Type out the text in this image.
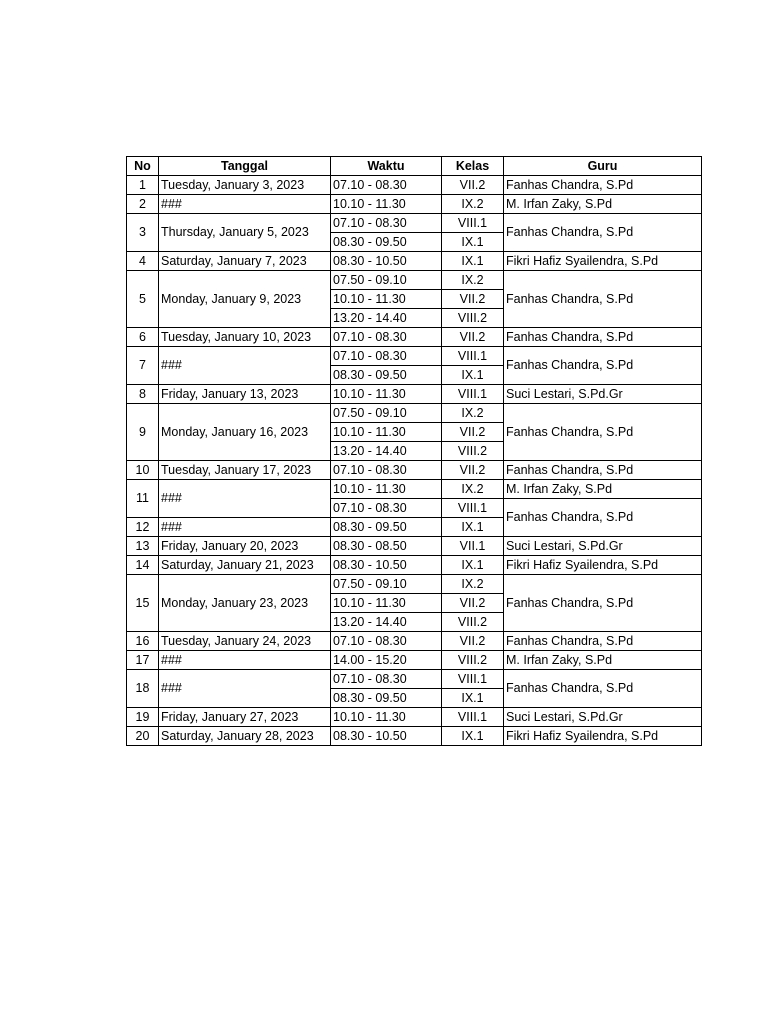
No	Tanggal	Waktu	Kelas	Guru
1	Tuesday, January 3, 2023	07.10 - 08.30	VII.2	Fanhas Chandra, S.Pd
2	###	10.10 - 11.30	IX.2	M. Irfan Zaky, S.Pd
3	Thursday, January 5, 2023	07.10 - 08.30	VIII.1	Fanhas Chandra, S.Pd
		08.30 - 09.50	IX.1	
4	Saturday, January 7, 2023	08.30 - 10.50	IX.1	Fikri Hafiz Syailendra, S.Pd
5	Monday, January 9, 2023	07.50 - 09.10	IX.2	Fanhas Chandra, S.Pd
		10.10 - 11.30	VII.2	
		13.20 - 14.40	VIII.2	
6	Tuesday, January 10, 2023	07.10 - 08.30	VII.2	Fanhas Chandra, S.Pd
7	###	07.10 - 08.30	VIII.1	Fanhas Chandra, S.Pd
		08.30 - 09.50	IX.1	
8	Friday, January 13, 2023	10.10 - 11.30	VIII.1	Suci Lestari, S.Pd.Gr
9	Monday, January 16, 2023	07.50 - 09.10	IX.2	Fanhas Chandra, S.Pd
		10.10 - 11.30	VII.2	
		13.20 - 14.40	VIII.2	
10	Tuesday, January 17, 2023	07.10 - 08.30	VII.2	Fanhas Chandra, S.Pd
11	###	10.10 - 11.30	IX.2	M. Irfan Zaky, S.Pd
		07.10 - 08.30	VIII.1	Fanhas Chandra, S.Pd
12	###	08.30 - 09.50	IX.1	
13	Friday, January 20, 2023	08.30 - 08.50	VII.1	Suci Lestari, S.Pd.Gr
14	Saturday, January 21, 2023	08.30 - 10.50	IX.1	Fikri Hafiz Syailendra, S.Pd
15	Monday, January 23, 2023	07.50 - 09.10	IX.2	Fanhas Chandra, S.Pd
		10.10 - 11.30	VII.2	
		13.20 - 14.40	VIII.2	
16	Tuesday, January 24, 2023	07.10 - 08.30	VII.2	Fanhas Chandra, S.Pd
17	###	14.00 - 15.20	VIII.2	M. Irfan Zaky, S.Pd
18	###	07.10 - 08.30	VIII.1	Fanhas Chandra, S.Pd
		08.30 - 09.50	IX.1	
19	Friday, January 27, 2023	10.10 - 11.30	VIII.1	Suci Lestari, S.Pd.Gr
20	Saturday, January 28, 2023	08.30 - 10.50	IX.1	Fikri Hafiz Syailendra, S.Pd
